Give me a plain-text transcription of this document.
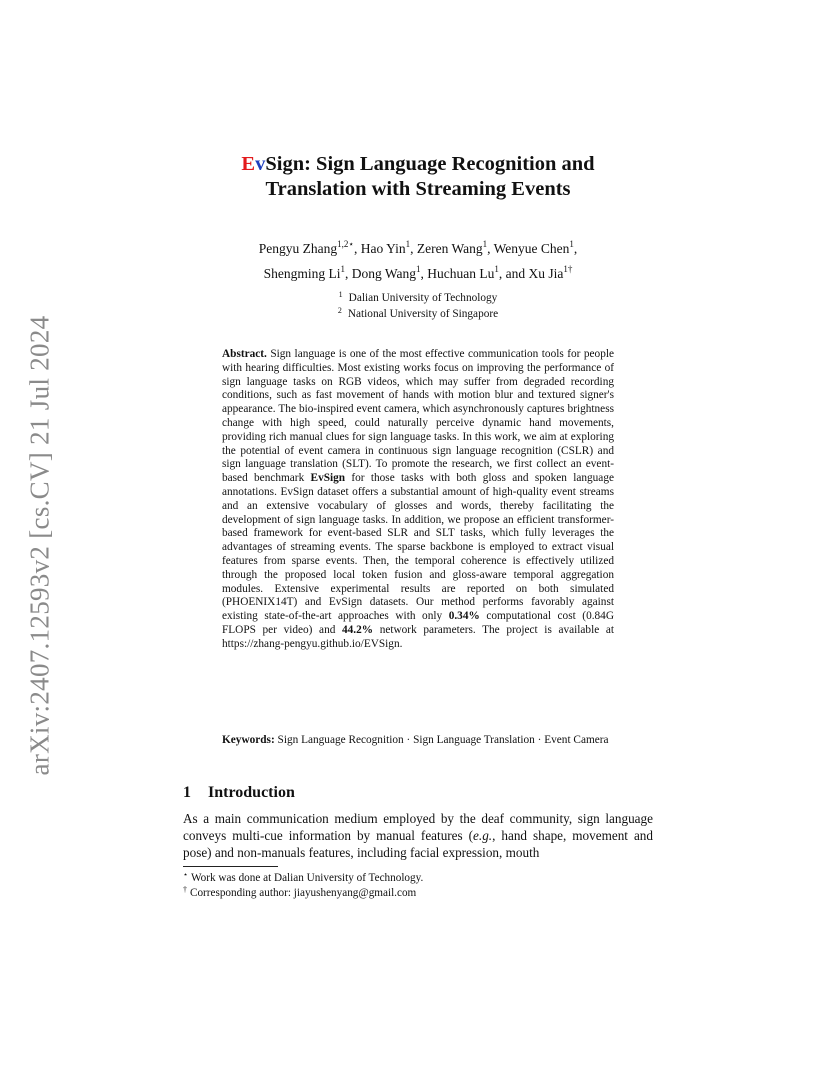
arXiv:2407.12593v2 [cs.CV] 21 Jul 2024
EvSign: Sign Language Recognition and
Translation with Streaming Events
Pengyu Zhang$^{1,2⋆}$, Hao Yin$^1$, Zeren Wang$^1$, Wenyue Chen$^1$,
Shengming Li$^1$, Dong Wang$^1$, Huchuan Lu$^1$, and Xu Jia$^{1\dagger}$
$^1$ Dalian University of Technology
$^2$ National University of Singapore
Abstract. Sign language is one of the most effective communication tools for people with hearing difficulties. Most existing works focus on improving the performance of sign language tasks on RGB videos, which may suffer from degraded recording conditions, such as fast movement of hands with motion blur and textured signer's appearance. The bio-inspired event camera, which asynchronously captures brightness change with high speed, could naturally perceive dynamic hand movements, providing rich manual clues for sign language tasks. In this work, we aim at exploring the potential of event camera in continuous sign language recognition (CSLR) and sign language translation (SLT). To promote the research, we first collect an event-based benchmark EvSign for those tasks with both gloss and spoken language annotations. EvSign dataset offers a substantial amount of high-quality event streams and an extensive vocabulary of glosses and words, thereby facilitating the development of sign language tasks. In addition, we propose an efficient transformer-based framework for event-based SLR and SLT tasks, which fully leverages the advantages of streaming events. The sparse backbone is employed to extract visual features from sparse events. Then, the temporal coherence is effectively utilized through the proposed local token fusion and gloss-aware temporal aggregation modules. Extensive experimental results are reported on both simulated (PHOENIX14T) and EvSign datasets. Our method performs favorably against existing state-of-the-art approaches with only 0.34% computational cost (0.84G FLOPS per video) and 44.2% network parameters. The project is available at https://zhang-pengyu.github.io/EVSign.
Keywords: Sign Language Recognition · Sign Language Translation · Event Camera
1 Introduction
As a main communication medium employed by the deaf community, sign language conveys multi-cue information by manual features (e.g., hand shape, movement and pose) and non-manuals features, including facial expression, mouth
⋆ Work was done at Dalian University of Technology.
† Corresponding author: jiayushenyang@gmail.com
